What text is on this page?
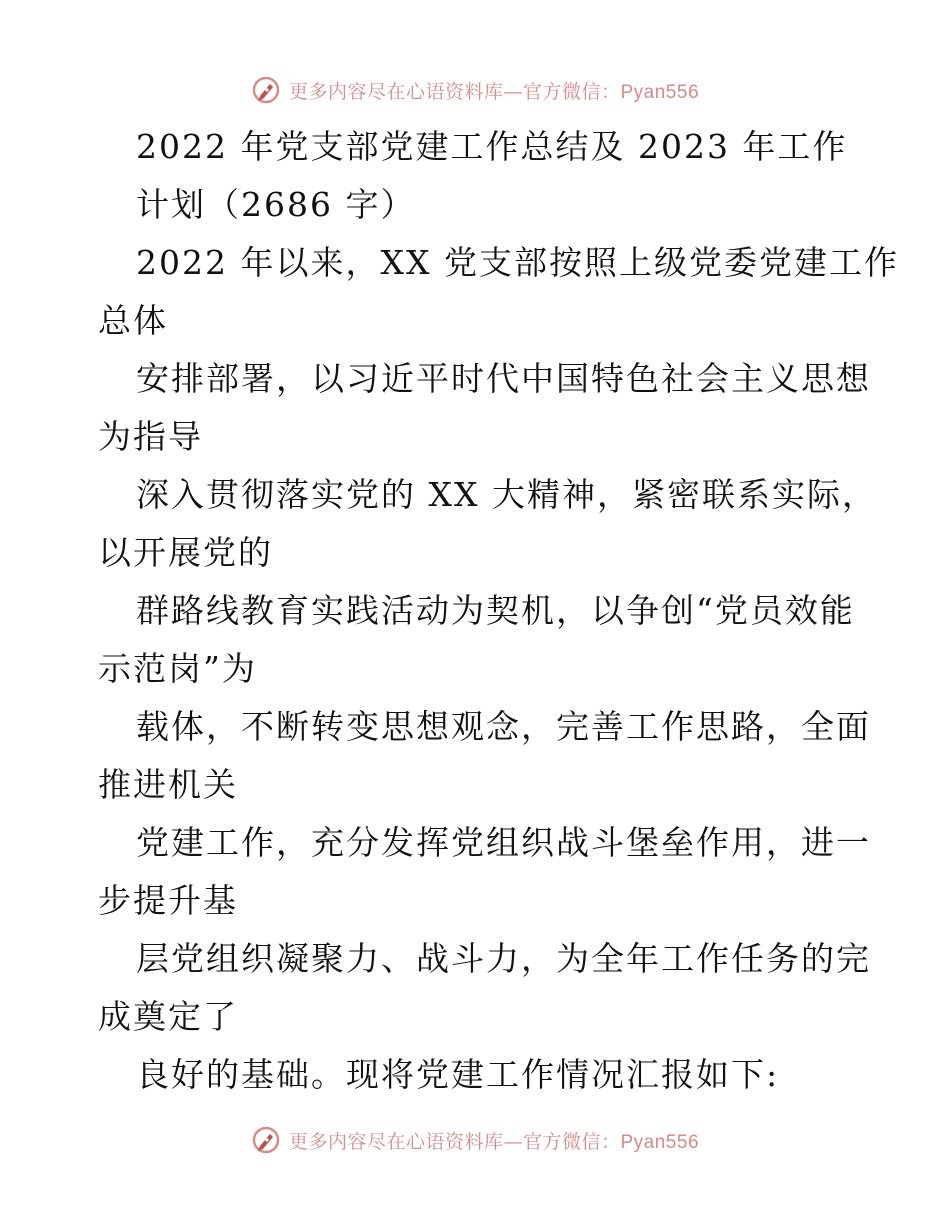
更多内容尽在心语资料库—官方微信：Pyan556
2022 年党支部党建工作总结及 2023 年工作
计划（2686 字）
2022 年以来，XX 党支部按照上级党委党建工作
总体
安排部署，以习近平时代中国特色社会主义思想
为指导
深入贯彻落实党的 XX 大精神，紧密联系实际，
以开展党的
群路线教育实践活动为契机，以争创“党员效能
示范岗”为
载体，不断转变思想观念，完善工作思路，全面
推进机关
党建工作，充分发挥党组织战斗堡垒作用，进一
步提升基
层党组织凝聚力、战斗力，为全年工作任务的完
成奠定了
良好的基础。现将党建工作情况汇报如下:
更多内容尽在心语资料库—官方微信：Pyan556
